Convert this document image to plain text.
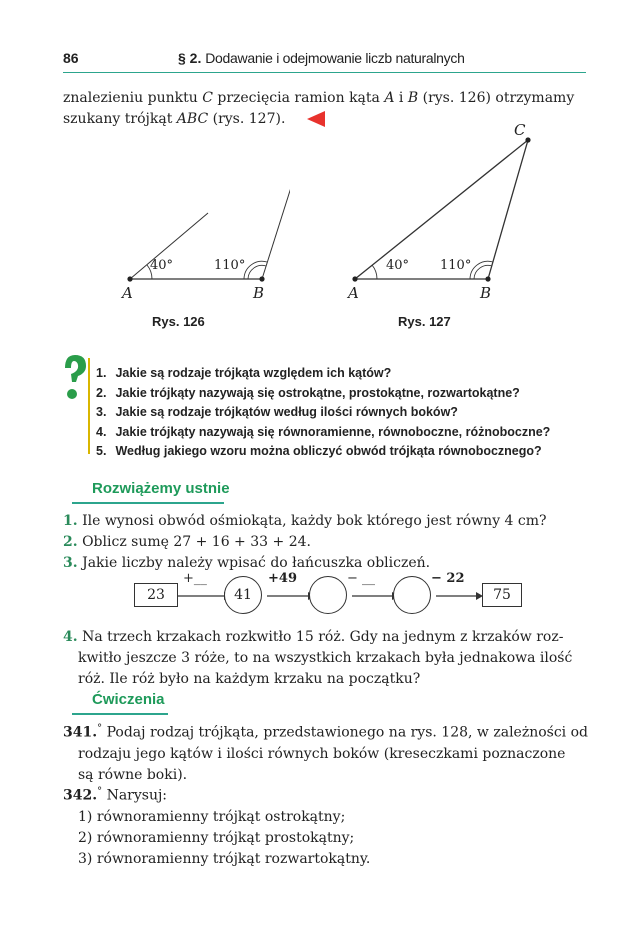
86	§ 2. Dodawanie i odejmowanie liczb naturalnych
znalezieniu punktu C przecięcia ramion kąta A i B (rys. 126) otrzymamy
szukany trójkąt ABC (rys. 127).
40°	110°
A	B
Rys. 126
C
40° 110°
A	B
Rys. 127
1. Jakie są rodzaje trójkąta względem ich kątów?
2. Jakie trójkąty nazywają się ostrokątne, prostokątne, rozwartokątne?
3. Jakie są rodzaje trójkątów według ilości równych boków?
4. Jakie trójkąty nazywają się równoramienne, równoboczne, różnoboczne?
5. Według jakiego wzoru można obliczyć obwód trójkąta równobocznego?
Rozwiążemy ustnie
1. Ile wynosi obwód ośmiokąta, każdy bok którego jest równy 4 cm?
2. Oblicz sumę 27 + 16 + 33 + 24.
3. Jakie liczby należy wpisać do łańcuszka obliczeń.
23
+__
41
+49	− __	− 22
75
4. Na trzech krzakach rozkwitło 15 róż. Gdy na jednym z krzaków roz-
kwitło jeszcze 3 róże, to na wszystkich krzakach była jednakowa ilość
róż. Ile róż było na każdym krzaku na początku?
Ćwiczenia
341.° Podaj rodzaj trójkąta, przedstawionego na rys. 128, w zależności od
rodzaju jego kątów i ilości równych boków (kreseczkami poznaczone
są równe boki).
342.° Narysuj:
1) równoramienny trójkąt ostrokątny;
2) równoramienny trójkąt prostokątny;
3) równoramienny trójkąt rozwartokątny.
